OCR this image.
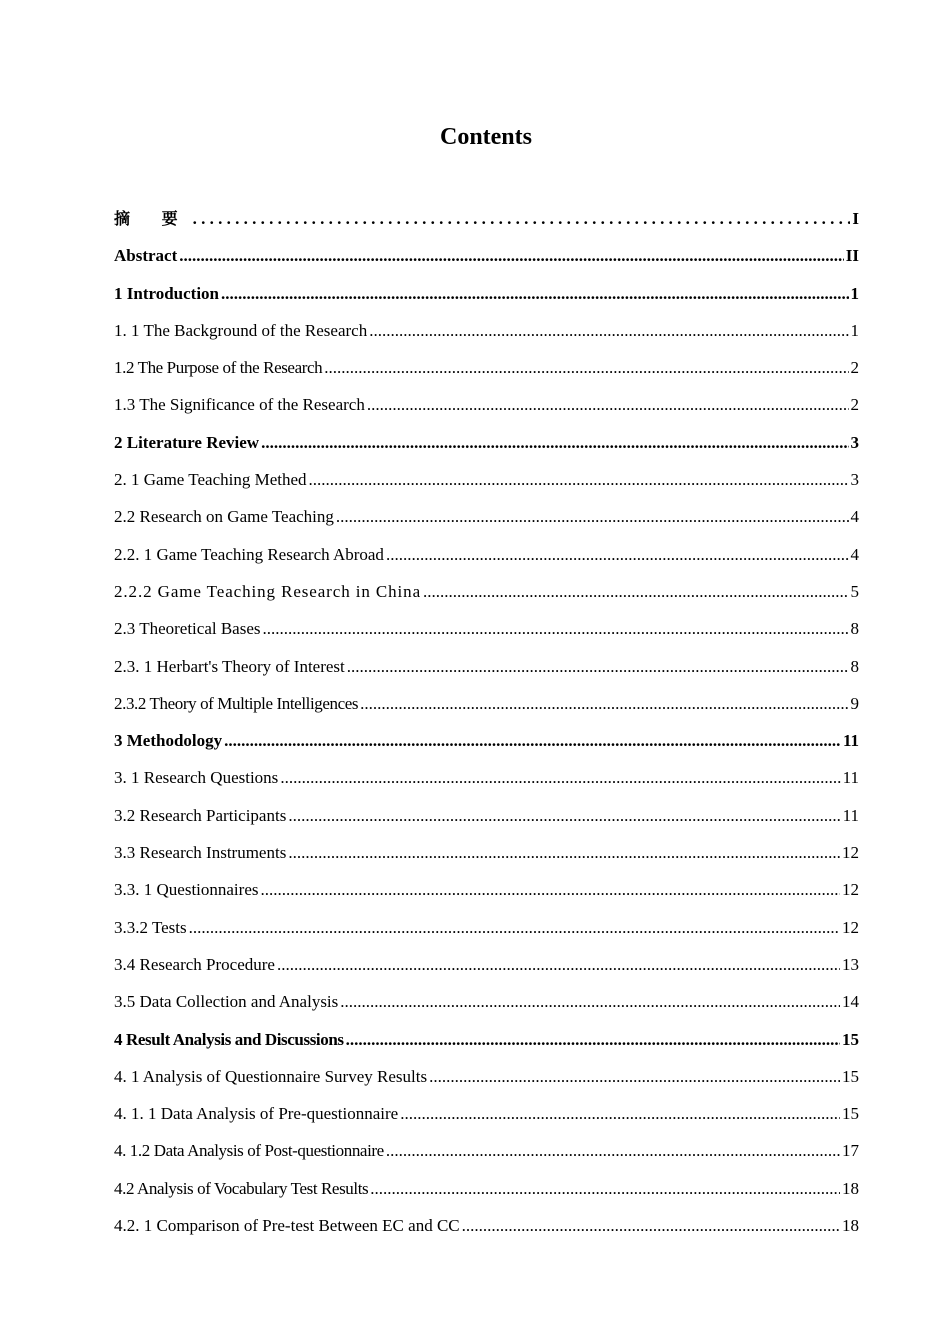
Contents
摘 要 . . .	I
Abstract .....	II
1 Introduction .....	1
1. 1 The Background of the Research .....	1
1.2 The Purpose of the Research .....	2
1.3 The Significance of the Research .....	2
2 Literature Review .....	3
2. 1 Game Teaching Methed .....	3
2.2 Research on Game Teaching .....	4
2.2. 1 Game Teaching Research Abroad .....	4
2.2.2 Game Teaching Research in China .....	5
2.3 Theoretical Bases .....	8
2.3. 1 Herbart's Theory of Interest .....	8
2.3.2 Theory of Multiple Intelligences .....	9
3 Methodology .....	11
3. 1 Research Questions .....	11
3.2 Research Participants .....	11
3.3 Research Instruments .....	12
3.3. 1 Questionnaires .....	12
3.3.2 Tests .....	12
3.4 Research Procedure .....	13
3.5 Data Collection and Analysis .....	14
4 Result Analysis and Discussions .....	15
4. 1 Analysis of Questionnaire Survey Results .....	15
4. 1. 1 Data Analysis of Pre-questionnaire .....	15
4. 1.2 Data Analysis of Post-questionnaire .....	17
4.2 Analysis of Vocabulary Test Results .....	18
4.2. 1 Comparison of Pre-test Between EC and CC .....	18
